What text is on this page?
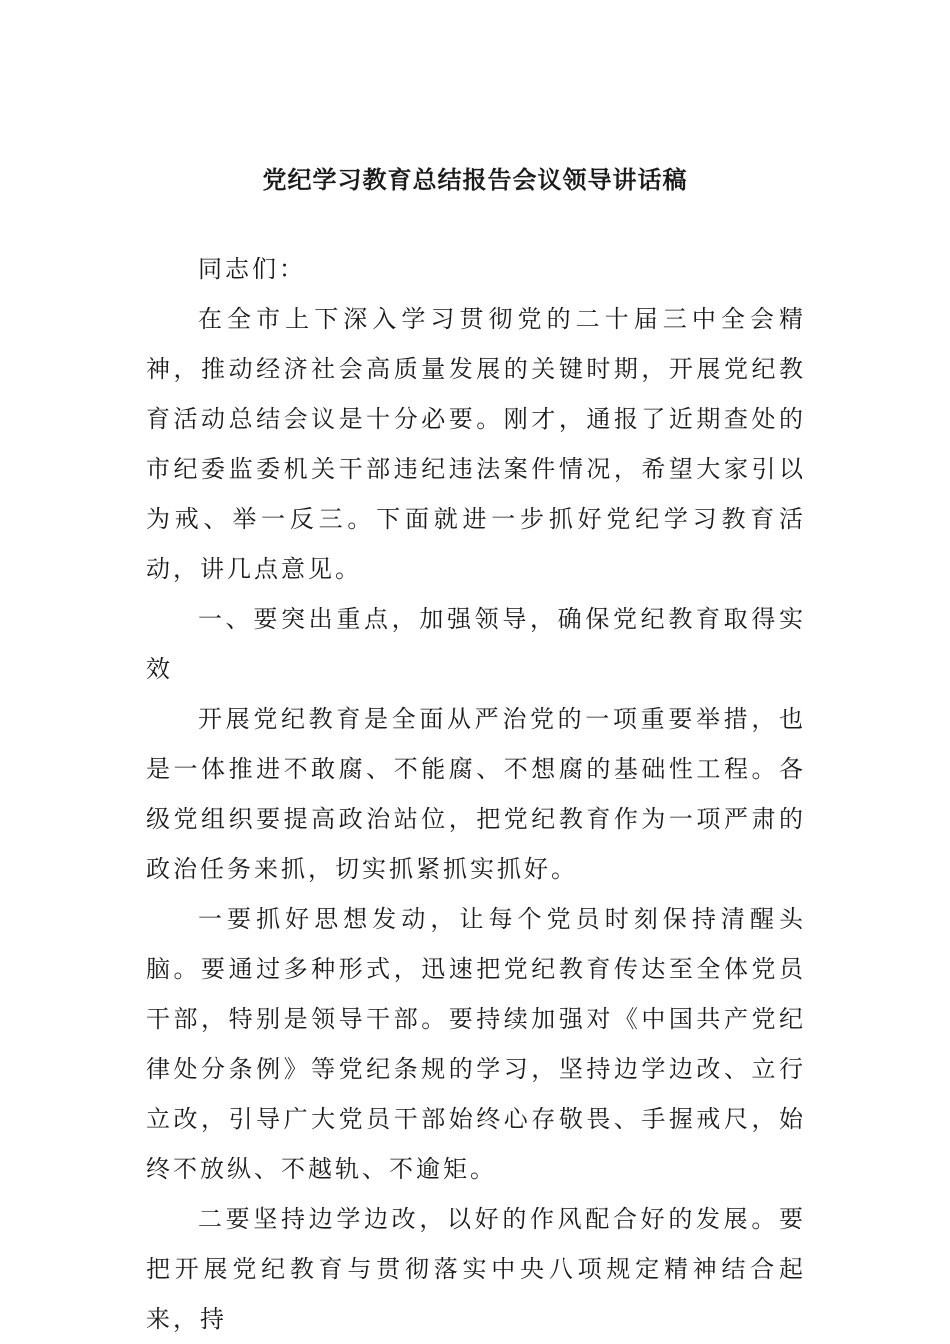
党纪学习教育总结报告会议领导讲话稿

同志们：

在全市上下深入学习贯彻党的二十届三中全会精神，推动经济社会高质量发展的关键时期，开展党纪教育活动总结会议是十分必要。刚才，通报了近期查处的市纪委监委机关干部违纪违法案件情况，希望大家引以为戒、举一反三。下面就进一步抓好党纪学习教育活动，讲几点意见。

一、要突出重点，加强领导，确保党纪教育取得实效

开展党纪教育是全面从严治党的一项重要举措，也是一体推进不敢腐、不能腐、不想腐的基础性工程。各级党组织要提高政治站位，把党纪教育作为一项严肃的政治任务来抓，切实抓紧抓实抓好。

一要抓好思想发动，让每个党员时刻保持清醒头脑。要通过多种形式，迅速把党纪教育传达至全体党员干部，特别是领导干部。要持续加强对《中国共产党纪律处分条例》等党纪条规的学习，坚持边学边改、立行立改，引导广大党员干部始终心存敬畏、手握戒尺，始终不放纵、不越轨、不逾矩。

二要坚持边学边改，以好的作风配合好的发展。要把开展党纪教育与贯彻落实中央八项规定精神结合起来，持
